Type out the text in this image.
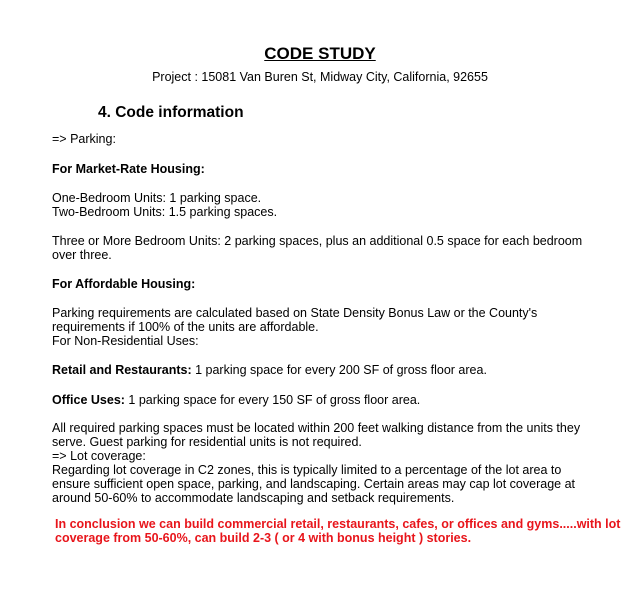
CODE STUDY
Project : 15081 Van Buren St, Midway City, California, 92655
4. Code information
=> Parking:
For Market-Rate Housing:
One-Bedroom Units: 1 parking space.
Two-Bedroom Units: 1.5 parking spaces.
Three or More Bedroom Units: 2 parking spaces, plus an additional 0.5 space for each bedroom
over three.
For Affordable Housing:
Parking requirements are calculated based on State Density Bonus Law or the County's
requirements if 100% of the units are affordable.
For Non-Residential Uses:
Retail and Restaurants: 1 parking space for every 200 SF of gross floor area.
Office Uses: 1 parking space for every 150 SF of gross floor area.
All required parking spaces must be located within 200 feet walking distance from the units they
serve. Guest parking for residential units is not required.
=> Lot coverage:
Regarding lot coverage in C2 zones, this is typically limited to a percentage of the lot area to
ensure sufficient open space, parking, and landscaping. Certain areas may cap lot coverage at
around 50-60% to accommodate landscaping and setback requirements.
In conclusion we can build commercial retail, restaurants, cafes, or offices and gyms.....with lot
coverage from 50-60%, can build 2-3 ( or 4 with bonus height ) stories.
